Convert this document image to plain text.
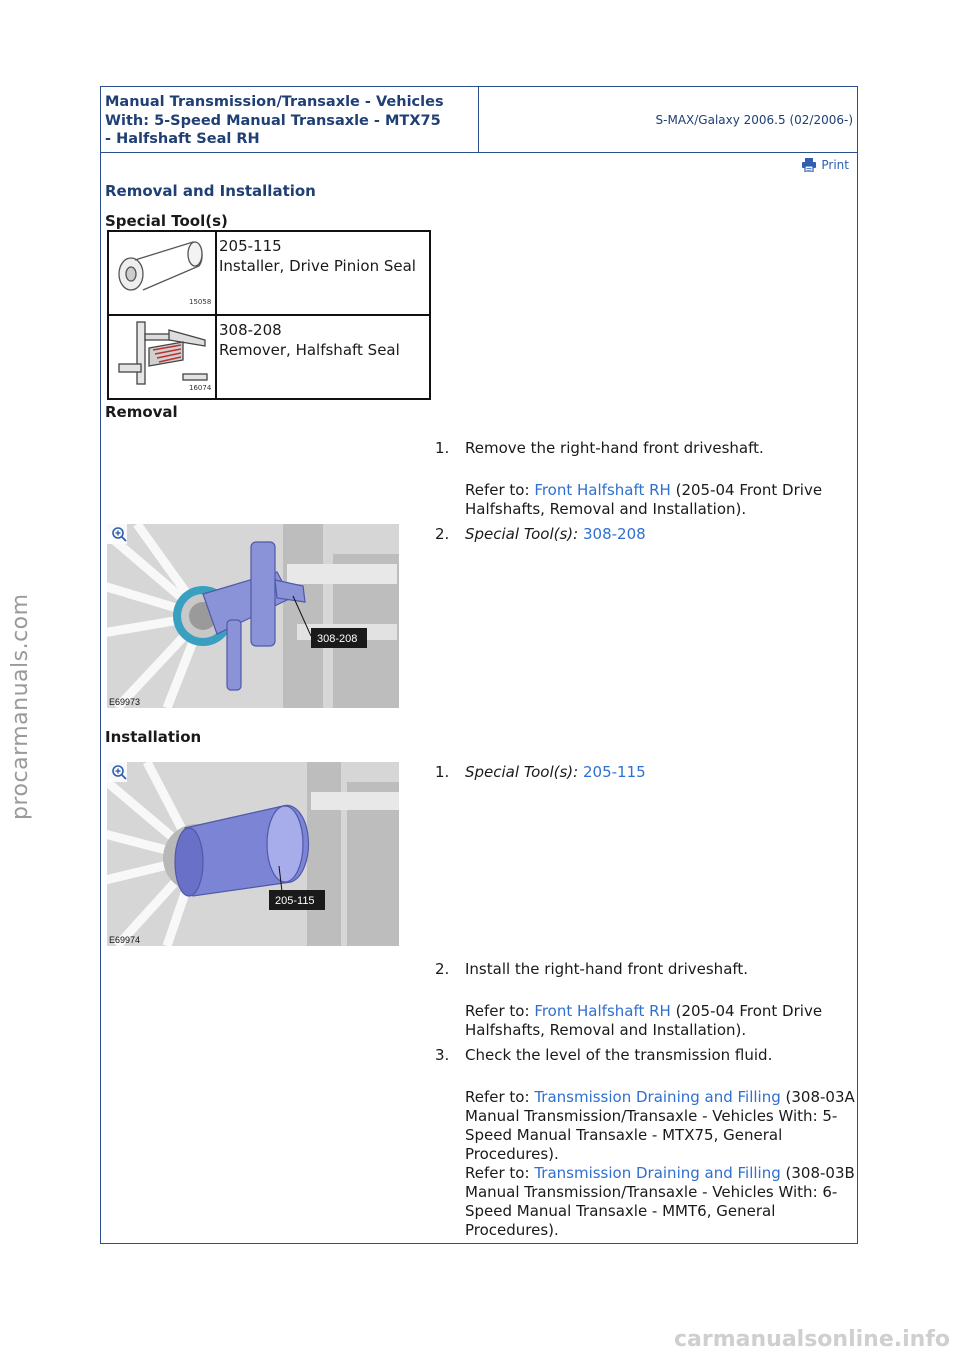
Manual Transmission/Transaxle - Vehicles
With: 5-Speed Manual Transaxle - MTX75
- Halfshaft Seal RH
S-MAX/Galaxy 2006.5 (02/2006-)
Print
Removal and Installation
Special Tool(s)
15058	205-115
Installer, Drive Pinion Seal

16074	308-208
Remover, Halfshaft Seal
Removal
1.	Remove the right-hand front driveshaft.
Refer to: Front Halfshaft RH (205-04 Front Drive Halfshafts, Removal and Installation).
308-208
E69973
2.	Special Tool(s): 308-208
Installation
205-115
E69974
1.	Special Tool(s): 205-115
2.	Install the right-hand front driveshaft.
Refer to: Front Halfshaft RH (205-04 Front Drive Halfshafts, Removal and Installation).
3.	Check the level of the transmission fluid.
Refer to: Transmission Draining and Filling (308-03A Manual Transmission/Transaxle - Vehicles With: 5-Speed Manual Transaxle - MTX75, General Procedures).
Refer to: Transmission Draining and Filling (308-03B Manual Transmission/Transaxle - Vehicles With: 6-Speed Manual Transaxle - MMT6, General Procedures).
procarmanuals.com
carmanualsonline.info
